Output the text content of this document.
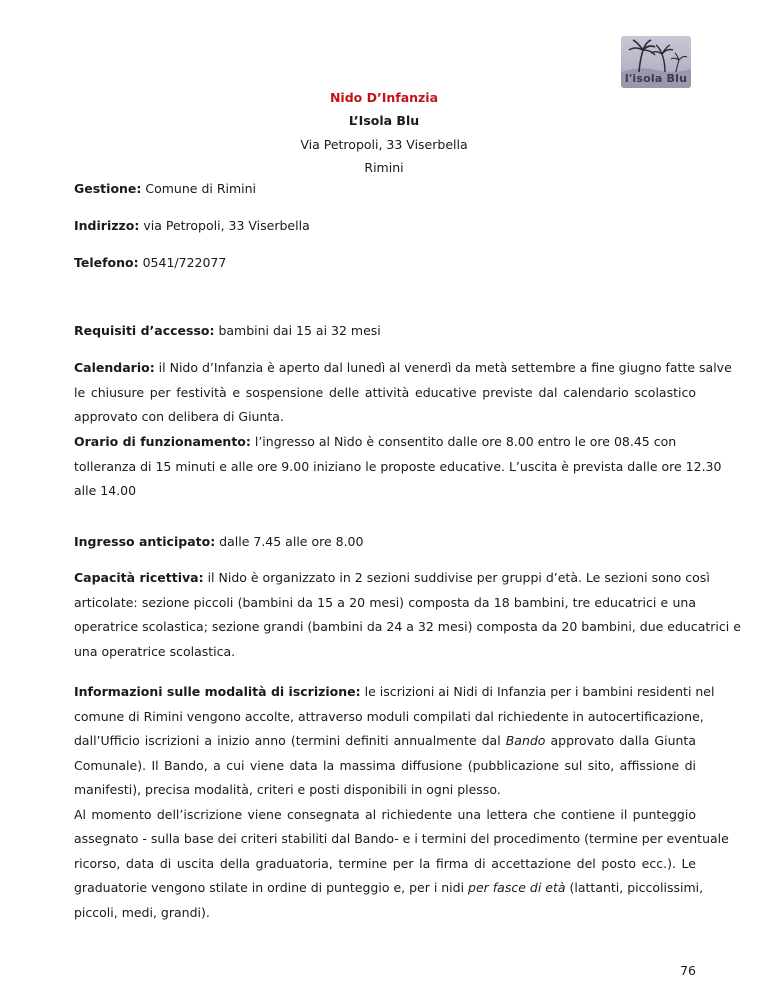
l'isola Blu
Nido D’Infanzia
L’Isola Blu
Via Petropoli, 33 Viserbella
Rimini
Gestione: Comune di Rimini
Indirizzo: via Petropoli, 33 Viserbella
Telefono: 0541/722077
Requisiti d’accesso: bambini dai 15 ai 32 mesi
Calendario: il Nido d’Infanzia è aperto dal lunedì al venerdì da metà settembre a fine giugno fatte salve
le chiusure per festività e sospensione delle attività educative previste dal calendario scolastico
approvato con delibera di Giunta.
Orario di funzionamento: l’ingresso al Nido è consentito dalle ore 8.00 entro le ore 08.45 con
tolleranza di 15 minuti e alle ore 9.00 iniziano le proposte educative. L’uscita è prevista dalle ore 12.30
alle 14.00
Ingresso anticipato: dalle 7.45 alle ore 8.00
Capacità ricettiva: il Nido è organizzato in 2 sezioni suddivise per gruppi d’età. Le sezioni sono così
articolate: sezione piccoli (bambini da 15 a 20 mesi) composta da 18 bambini, tre educatrici e una
operatrice scolastica; sezione grandi (bambini da 24 a 32 mesi) composta da 20 bambini, due educatrici e
una operatrice scolastica.
Informazioni sulle modalità di iscrizione: le iscrizioni ai Nidi di Infanzia per i bambini residenti nel
comune di Rimini vengono accolte, attraverso moduli compilati dal richiedente in autocertificazione,
dall’Ufficio iscrizioni a inizio anno (termini definiti annualmente dal Bando approvato dalla Giunta
Comunale). Il Bando, a cui viene data la massima diffusione (pubblicazione sul sito, affissione di
manifesti), precisa modalità, criteri e posti disponibili in ogni plesso.
Al momento dell’iscrizione viene consegnata al richiedente una lettera che contiene il punteggio
assegnato - sulla base dei criteri stabiliti dal Bando- e i termini del procedimento (termine per eventuale
ricorso, data di uscita della graduatoria, termine per la firma di accettazione del posto ecc.). Le
graduatorie vengono stilate in ordine di punteggio e, per i nidi per fasce di età (lattanti, piccolissimi,
piccoli, medi, grandi).
76
